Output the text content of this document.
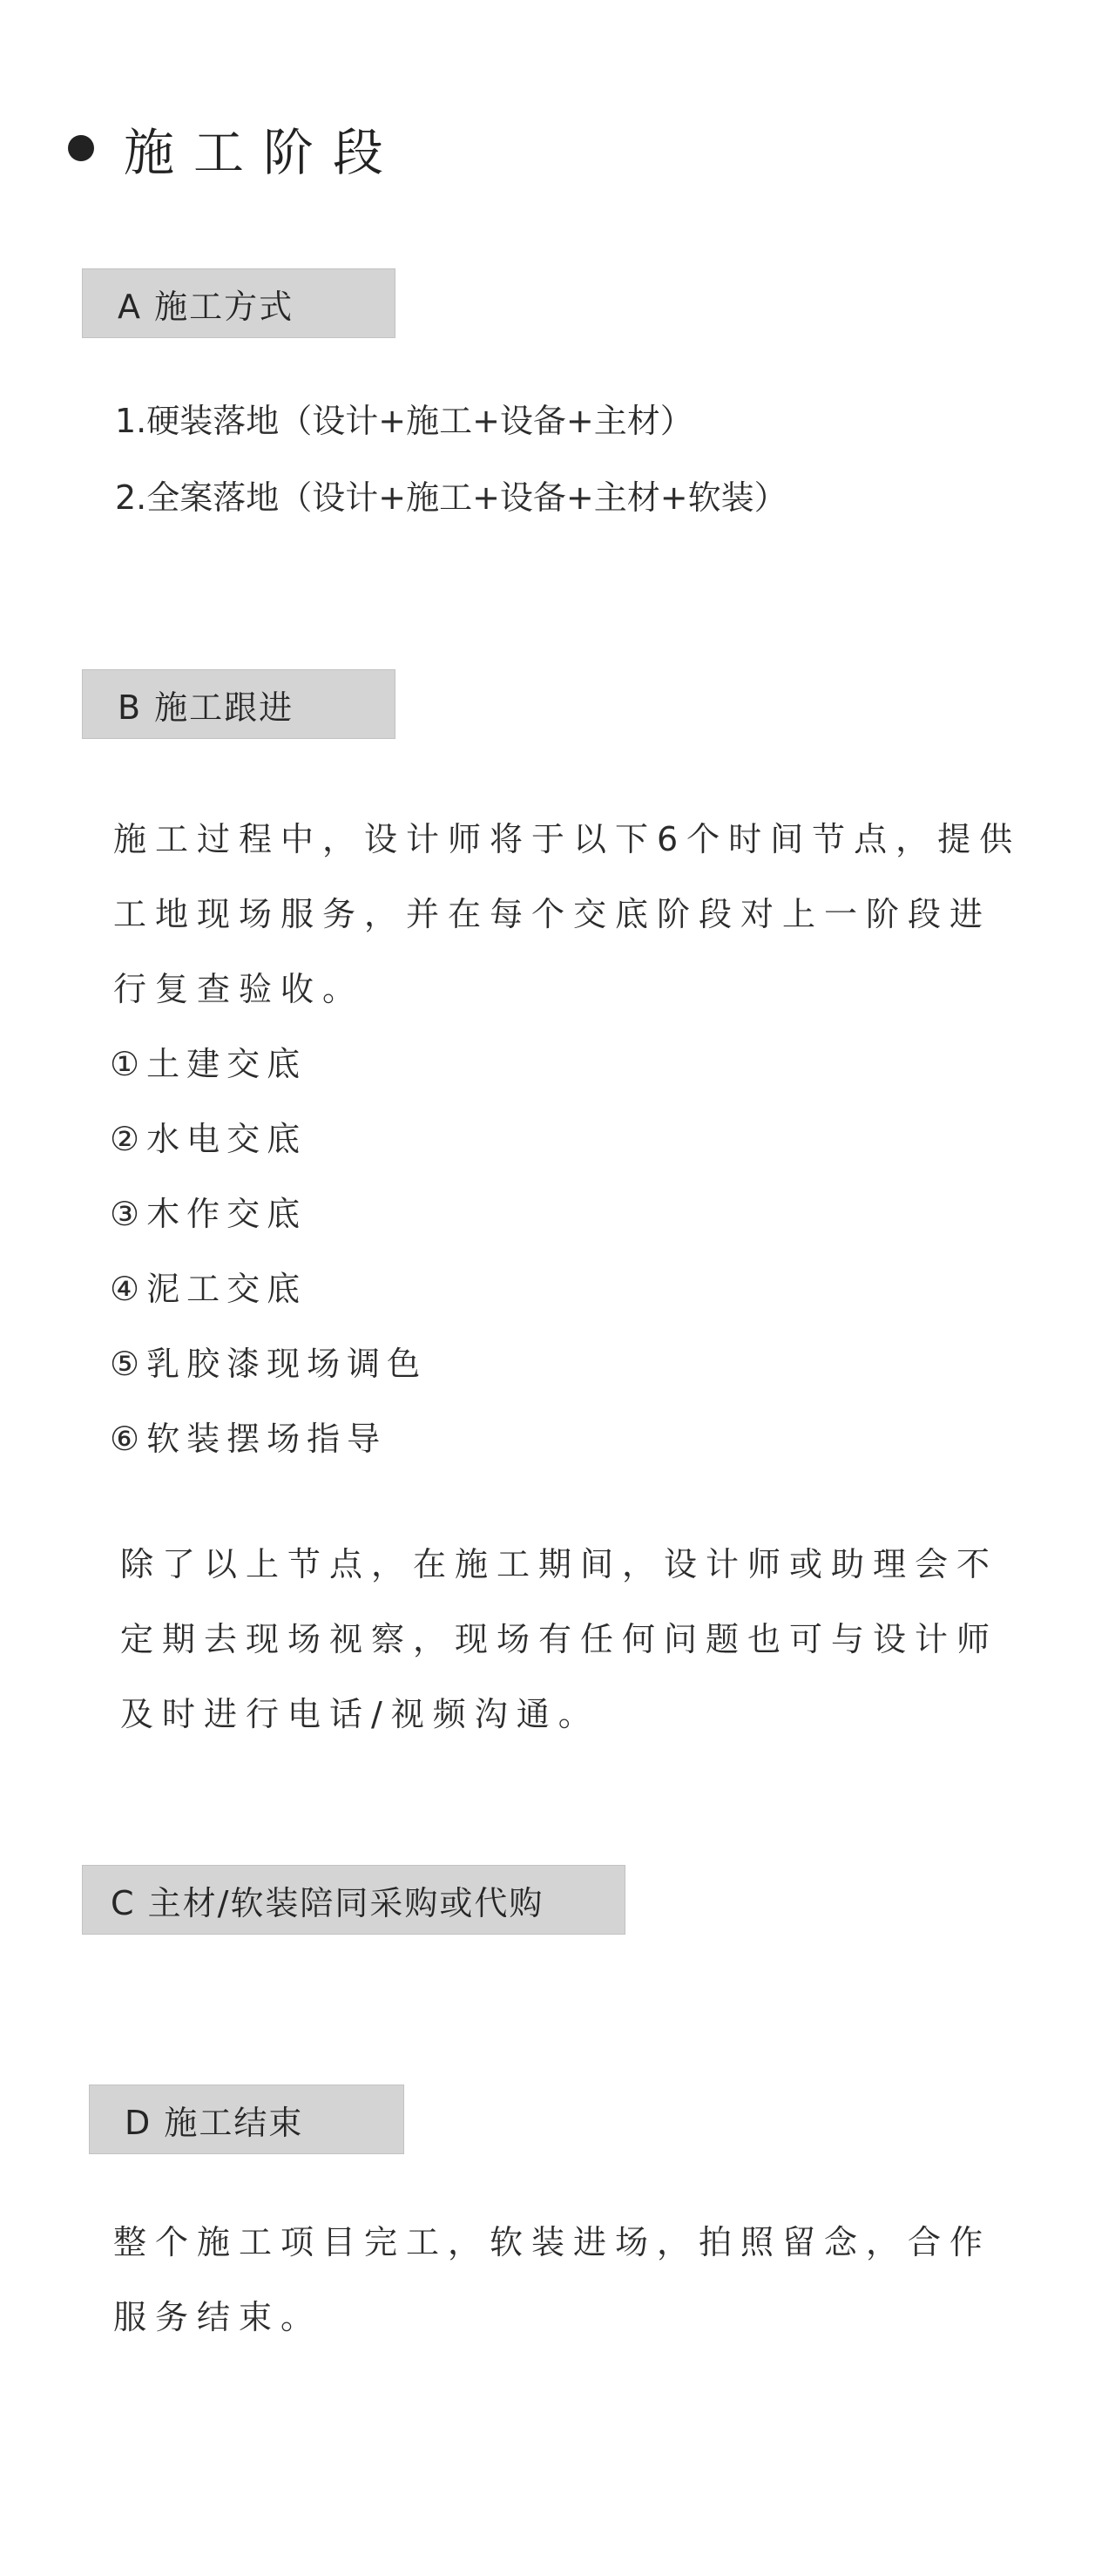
施工阶段
A 施工方式
1.硬装落地（设计+施工+设备+主材）
2.全案落地（设计+施工+设备+主材+软装）
B 施工跟进

施工过程中，设计师将于以下6个时间节点，提供工地现场服务，并在每个交底阶段对上一阶段进行复查验收。

①土建交底
②水电交底
③木作交底
④泥工交底
⑤乳胶漆现场调色
⑥软装摆场指导

除了以上节点，在施工期间，设计师或助理会不定期去现场视察，现场有任何问题也可与设计师及时进行电话/视频沟通。

C 主材/软装陪同采购或代购
D 施工结束

整个施工项目完工，软装进场，拍照留念，合作服务结束。
